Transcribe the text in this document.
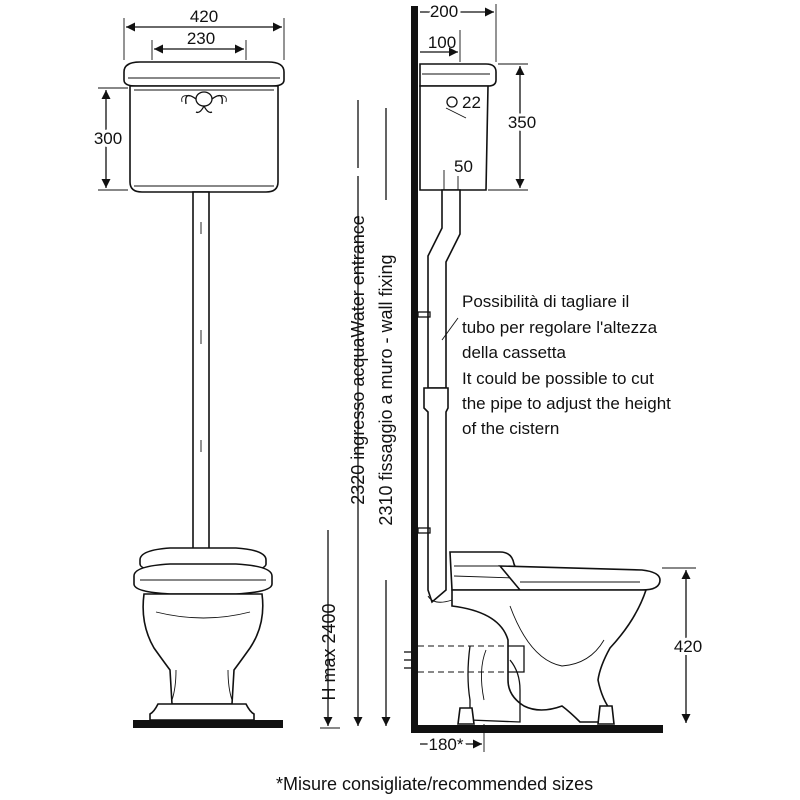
420
230
300
H max 2400
2320 ingresso acquaWater entrance 2310 fissaggio a muro - wall fixing
22
50
200
100
350
420
180*
Possibilità di tagliare il
tubo per regolare l'altezza
della cassetta
It could be possible to cut
the pipe to adjust the height
of the cistern
*Misure consigliate/recommended sizes
